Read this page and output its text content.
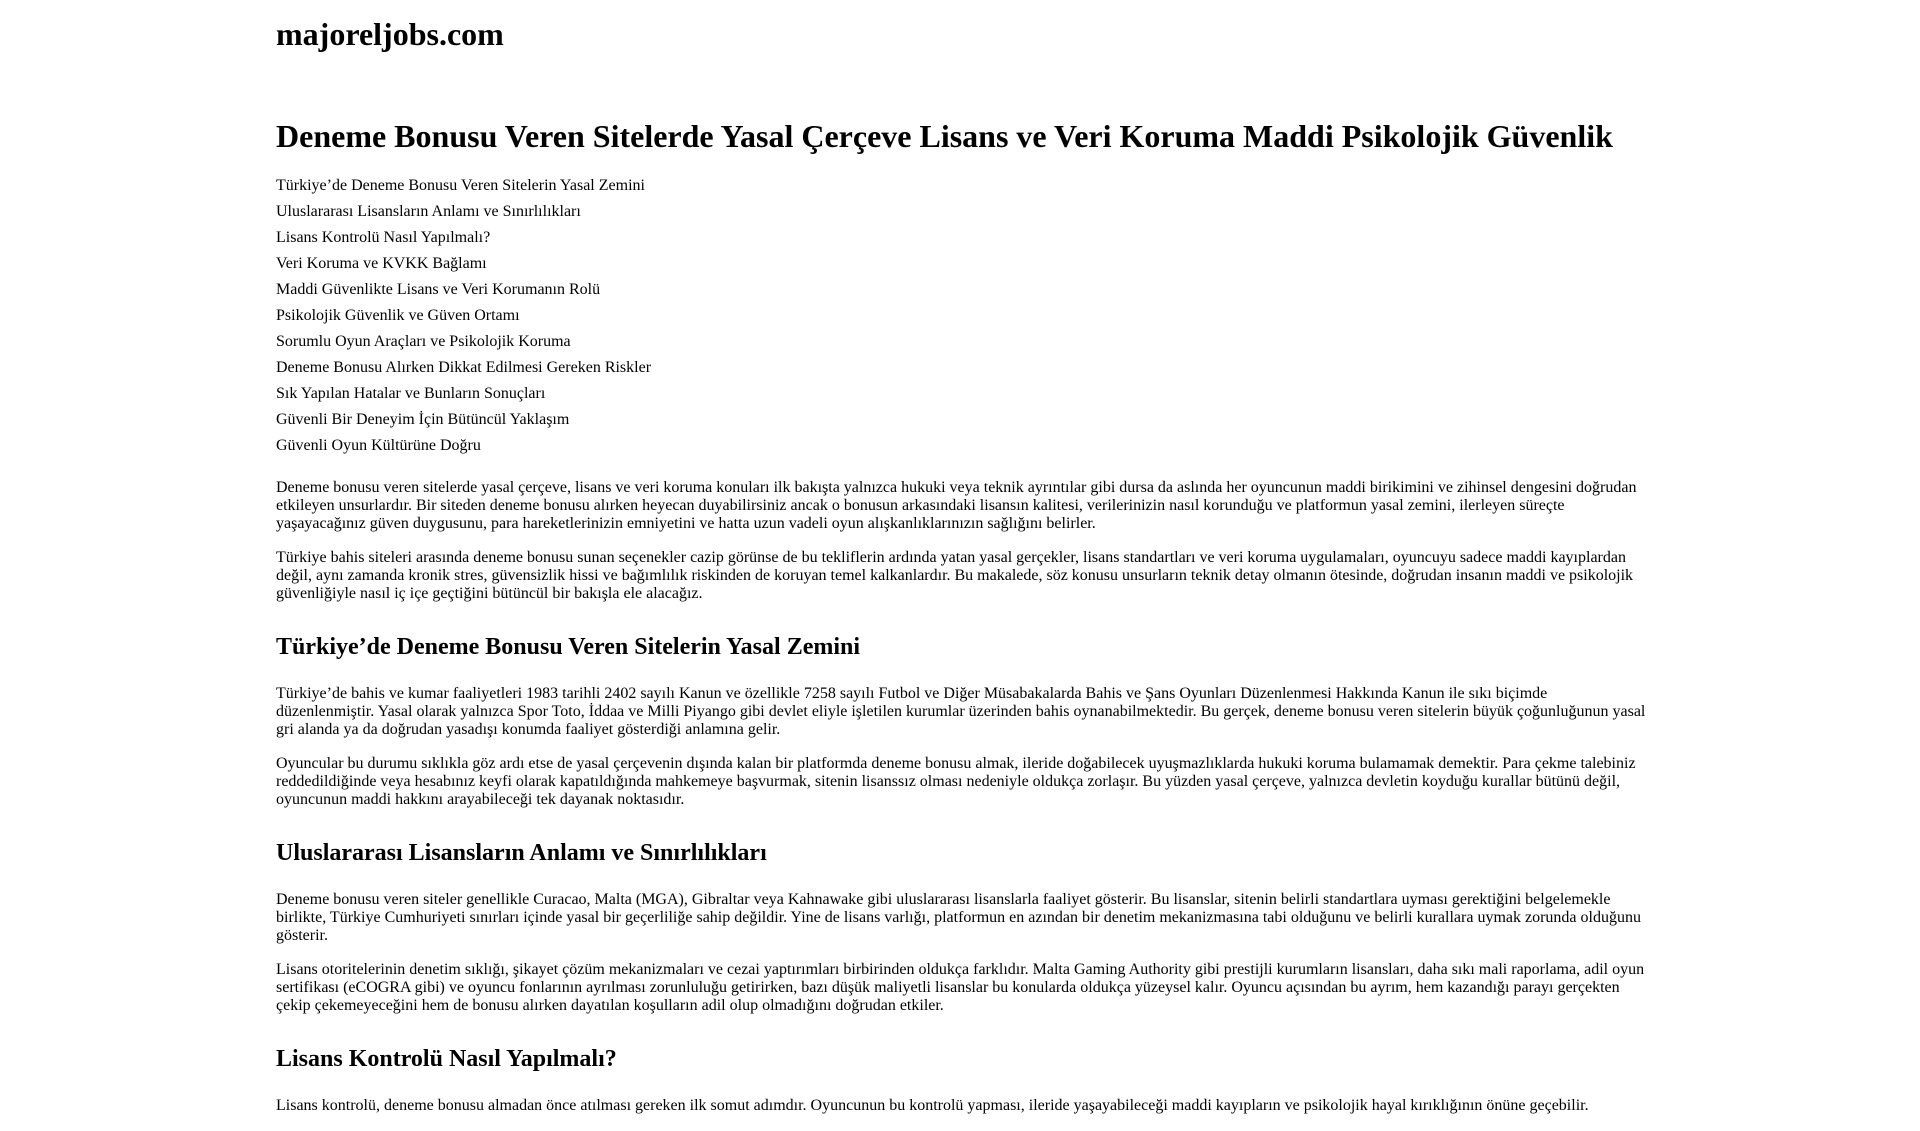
majoreljobs.com

Deneme Bonusu Veren Sitelerde Yasal Çerçeve Lisans ve Veri Koruma Maddi Psikolojik Güvenlik
Türkiye’de Deneme Bonusu Veren Sitelerin Yasal Zemini
Uluslararası Lisansların Anlamı ve Sınırlılıkları
Lisans Kontrolü Nasıl Yapılmalı?
Veri Koruma ve KVKK Bağlamı
Maddi Güvenlikte Lisans ve Veri Korumanın Rolü
Psikolojik Güvenlik ve Güven Ortamı
Sorumlu Oyun Araçları ve Psikolojik Koruma
Deneme Bonusu Alırken Dikkat Edilmesi Gereken Riskler
Sık Yapılan Hatalar ve Bunların Sonuçları
Güvenli Bir Deneyim İçin Bütüncül Yaklaşım
Güvenli Oyun Kültürüne Doğru

Deneme bonusu veren sitelerde yasal çerçeve, lisans ve veri koruma konuları ilk bakışta yalnızca hukuki veya teknik ayrıntılar gibi dursa da aslında her oyuncunun maddi birikimini ve zihinsel dengesini doğrudan etkileyen unsurlardır. Bir siteden deneme bonusu alırken heyecan duyabilirsiniz ancak o bonusun arkasındaki lisansın kalitesi, verilerinizin nasıl korunduğu ve platformun yasal zemini, ilerleyen süreçte yaşayacağınız güven duygusunu, para hareketlerinizin emniyetini ve hatta uzun vadeli oyun alışkanlıklarınızın sağlığını belirler.

Türkiye bahis siteleri arasında deneme bonusu sunan seçenekler cazip görünse de bu tekliflerin ardında yatan yasal gerçekler, lisans standartları ve veri koruma uygulamaları, oyuncuyu sadece maddi kayıplardan değil, aynı zamanda kronik stres, güvensizlik hissi ve bağımlılık riskinden de koruyan temel kalkanlardır. Bu makalede, söz konusu unsurların teknik detay olmanın ötesinde, doğrudan insanın maddi ve psikolojik güvenliğiyle nasıl iç içe geçtiğini bütüncül bir bakışla ele alacağız.

Türkiye’de Deneme Bonusu Veren Sitelerin Yasal Zemini

Türkiye’de bahis ve kumar faaliyetleri 1983 tarihli 2402 sayılı Kanun ve özellikle 7258 sayılı Futbol ve Diğer Müsabakalarda Bahis ve Şans Oyunları Düzenlenmesi Hakkında Kanun ile sıkı biçimde düzenlenmiştir. Yasal olarak yalnızca Spor Toto, İddaa ve Milli Piyango gibi devlet eliyle işletilen kurumlar üzerinden bahis oynanabilmektedir. Bu gerçek, deneme bonusu veren sitelerin büyük çoğunluğunun yasal gri alanda ya da doğrudan yasadışı konumda faaliyet gösterdiği anlamına gelir.

Oyuncular bu durumu sıklıkla göz ardı etse de yasal çerçevenin dışında kalan bir platformda deneme bonusu almak, ileride doğabilecek uyuşmazlıklarda hukuki koruma bulamamak demektir. Para çekme talebiniz reddedildiğinde veya hesabınız keyfi olarak kapatıldığında mahkemeye başvurmak, sitenin lisanssız olması nedeniyle oldukça zorlaşır. Bu yüzden yasal çerçeve, yalnızca devletin koyduğu kurallar bütünü değil, oyuncunun maddi hakkını arayabileceği tek dayanak noktasıdır.

Uluslararası Lisansların Anlamı ve Sınırlılıkları

Deneme bonusu veren siteler genellikle Curacao, Malta (MGA), Gibraltar veya Kahnawake gibi uluslararası lisanslarla faaliyet gösterir. Bu lisanslar, sitenin belirli standartlara uyması gerektiğini belgelemekle birlikte, Türkiye Cumhuriyeti sınırları içinde yasal bir geçerliliğe sahip değildir. Yine de lisans varlığı, platformun en azından bir denetim mekanizmasına tabi olduğunu ve belirli kurallara uymak zorunda olduğunu gösterir.

Lisans otoritelerinin denetim sıklığı, şikayet çözüm mekanizmaları ve cezai yaptırımları birbirinden oldukça farklıdır. Malta Gaming Authority gibi prestijli kurumların lisansları, daha sıkı mali raporlama, adil oyun sertifikası (eCOGRA gibi) ve oyuncu fonlarının ayrılması zorunluluğu getirirken, bazı düşük maliyetli lisanslar bu konularda oldukça yüzeysel kalır. Oyuncu açısından bu ayrım, hem kazandığı parayı gerçekten çekip çekemeyeceğini hem de bonusu alırken dayatılan koşulların adil olup olmadığını doğrudan etkiler.

Lisans Kontrolü Nasıl Yapılmalı?

Lisans kontrolü, deneme bonusu almadan önce atılması gereken ilk somut adımdır. Oyuncunun bu kontrolü yapması, ileride yaşayabileceği maddi kayıpların ve psikolojik hayal kırıklığının önüne geçebilir.
